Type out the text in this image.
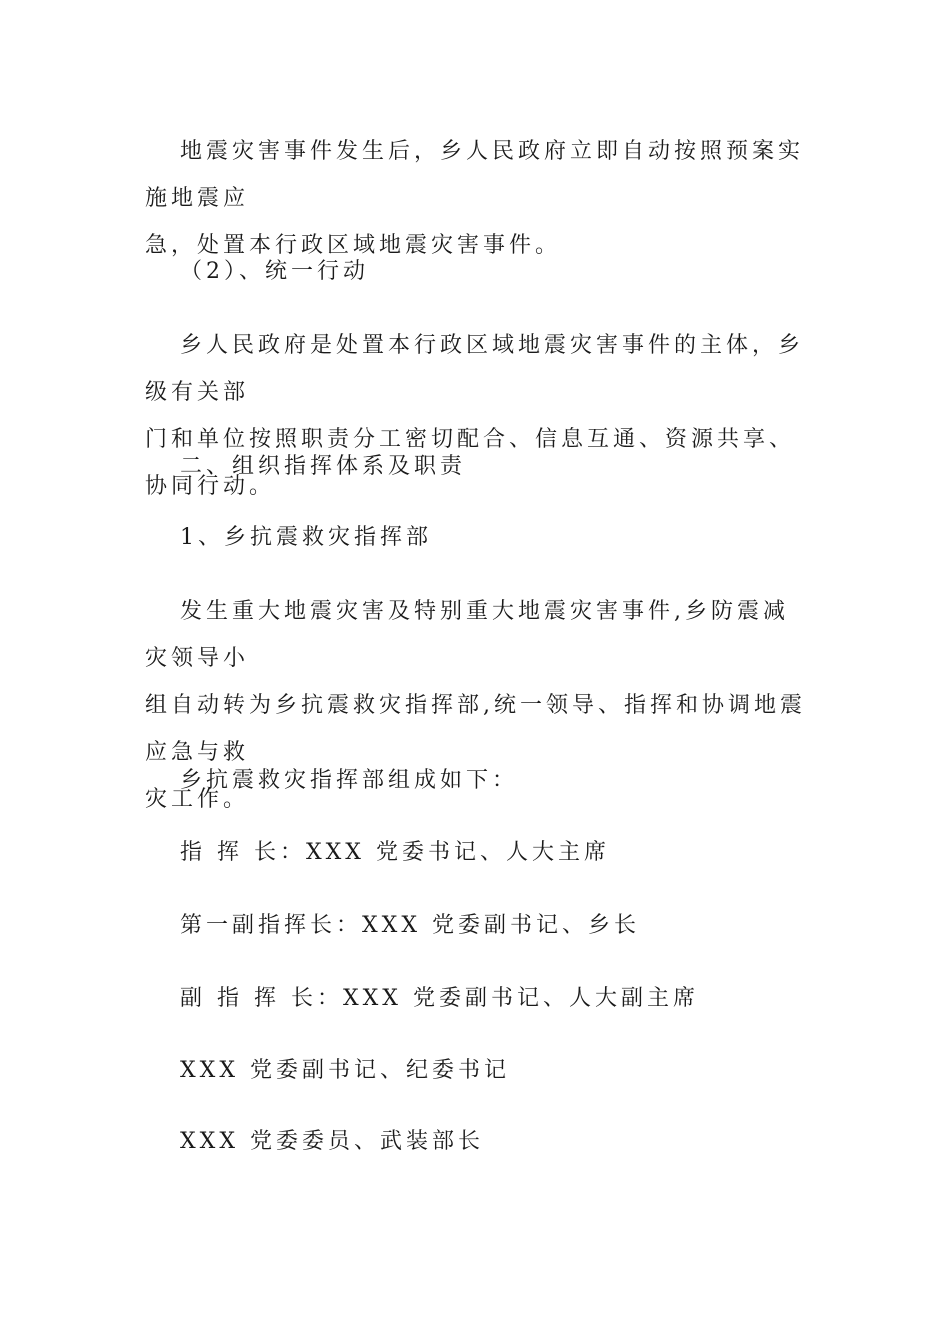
地震灾害事件发生后，乡人民政府立即自动按照预案实施地震应
急，处置本行政区域地震灾害事件。

（2）、统一行动

乡人民政府是处置本行政区域地震灾害事件的主体，乡级有关部
门和单位按照职责分工密切配合、信息互通、资源共享、协同行动。

二、组织指挥体系及职责

1、乡抗震救灾指挥部

发生重大地震灾害及特别重大地震灾害事件,乡防震减灾领导小
组自动转为乡抗震救灾指挥部,统一领导、指挥和协调地震应急与救
灾工作。

乡抗震救灾指挥部组成如下：

指 挥 长：XXX 党委书记、人大主席

第一副指挥长：XXX 党委副书记、乡长

副 指 挥 长：XXX 党委副书记、人大副主席

XXX 党委副书记、纪委书记

XXX 党委委员、武装部长
